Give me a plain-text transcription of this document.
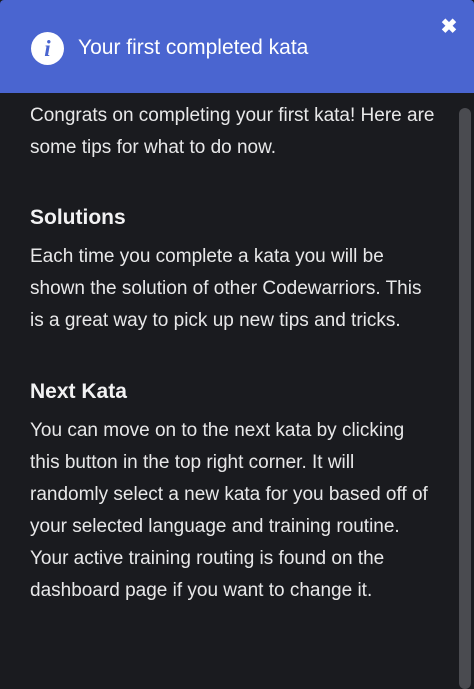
i	Your first completed kata
✖

Congrats on completing your first kata! Here are some tips for what to do now.

Solutions

Each time you complete a kata you will be shown the solution of other Codewarriors. This is a great way to pick up new tips and tricks.

Next Kata

You can move on to the next kata by clicking this button in the top right corner. It will randomly select a new kata for you based off of your selected language and training routine. Your active training routing is found on the dashboard page if you want to change it.
